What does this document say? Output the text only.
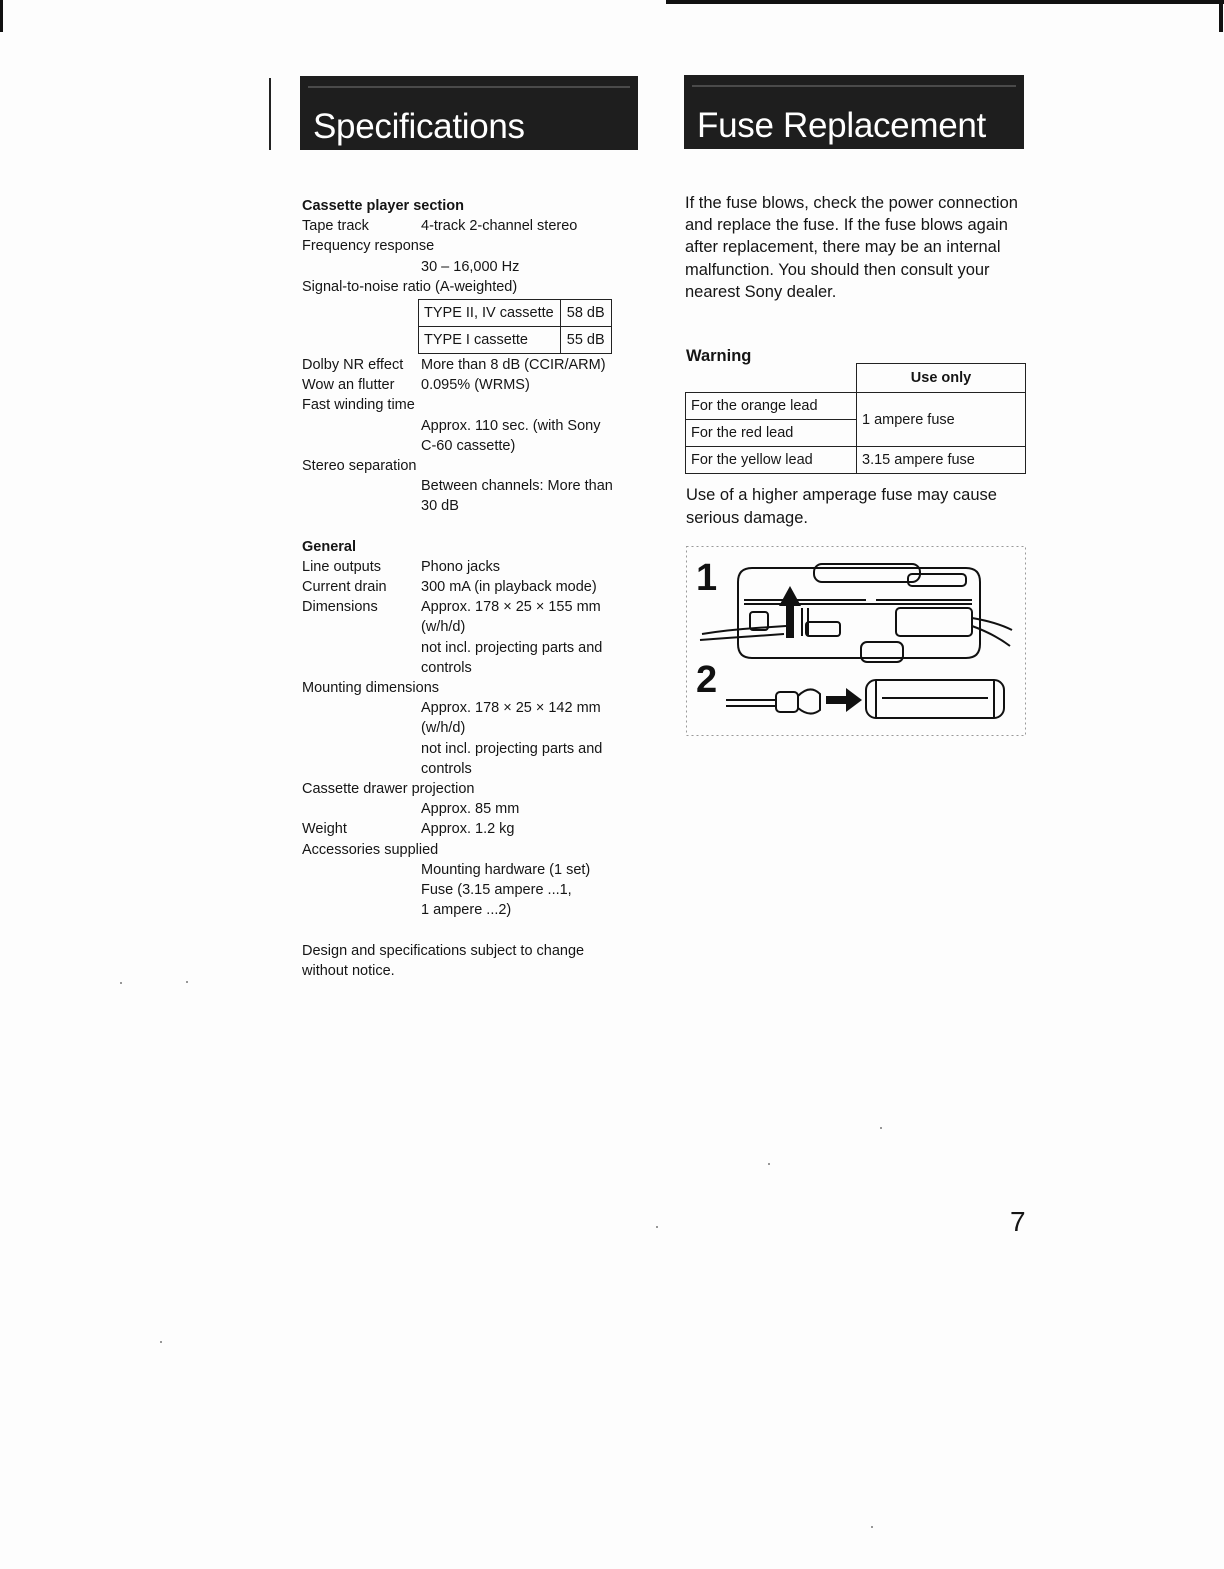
Specifications	Fuse Replacement
Cassette player section
Tape track	4-track 2-channel stereo
Frequency response
30 – 16,000 Hz
Signal-to-noise ratio (A-weighted)
TYPE II, IV cassette	58 dB
TYPE I cassette	55 dB
Dolby NR effect	More than 8 dB (CCIR/ARM)
Wow an flutter	0.095% (WRMS)
Fast winding time
Approx. 110 sec. (with Sony
C-60 cassette)
Stereo separation
Between channels: More than
30 dB
General
Line outputs	Phono jacks
Current drain	300 mA (in playback mode)
Dimensions	Approx. 178 × 25 × 155 mm
(w/h/d)
not incl. projecting parts and
controls
Mounting dimensions
Approx. 178 × 25 × 142 mm
(w/h/d)
not incl. projecting parts and
controls
Cassette drawer projection
Approx. 85 mm
Weight	Approx. 1.2 kg
Accessories supplied
Mounting hardware (1 set)
Fuse (3.15 ampere ...1,
1 ampere ...2)
Design and specifications subject to change
without notice.
If the fuse blows, check the power connection and replace the fuse. If the fuse blows again after replacement, there may be an internal malfunction. You should then consult your nearest Sony dealer.
Warning
	Use only
For the orange lead	1 ampere fuse
For the red lead	
For the yellow lead	3.15 ampere fuse
Use of a higher amperage fuse may cause serious damage.
1
2
7
